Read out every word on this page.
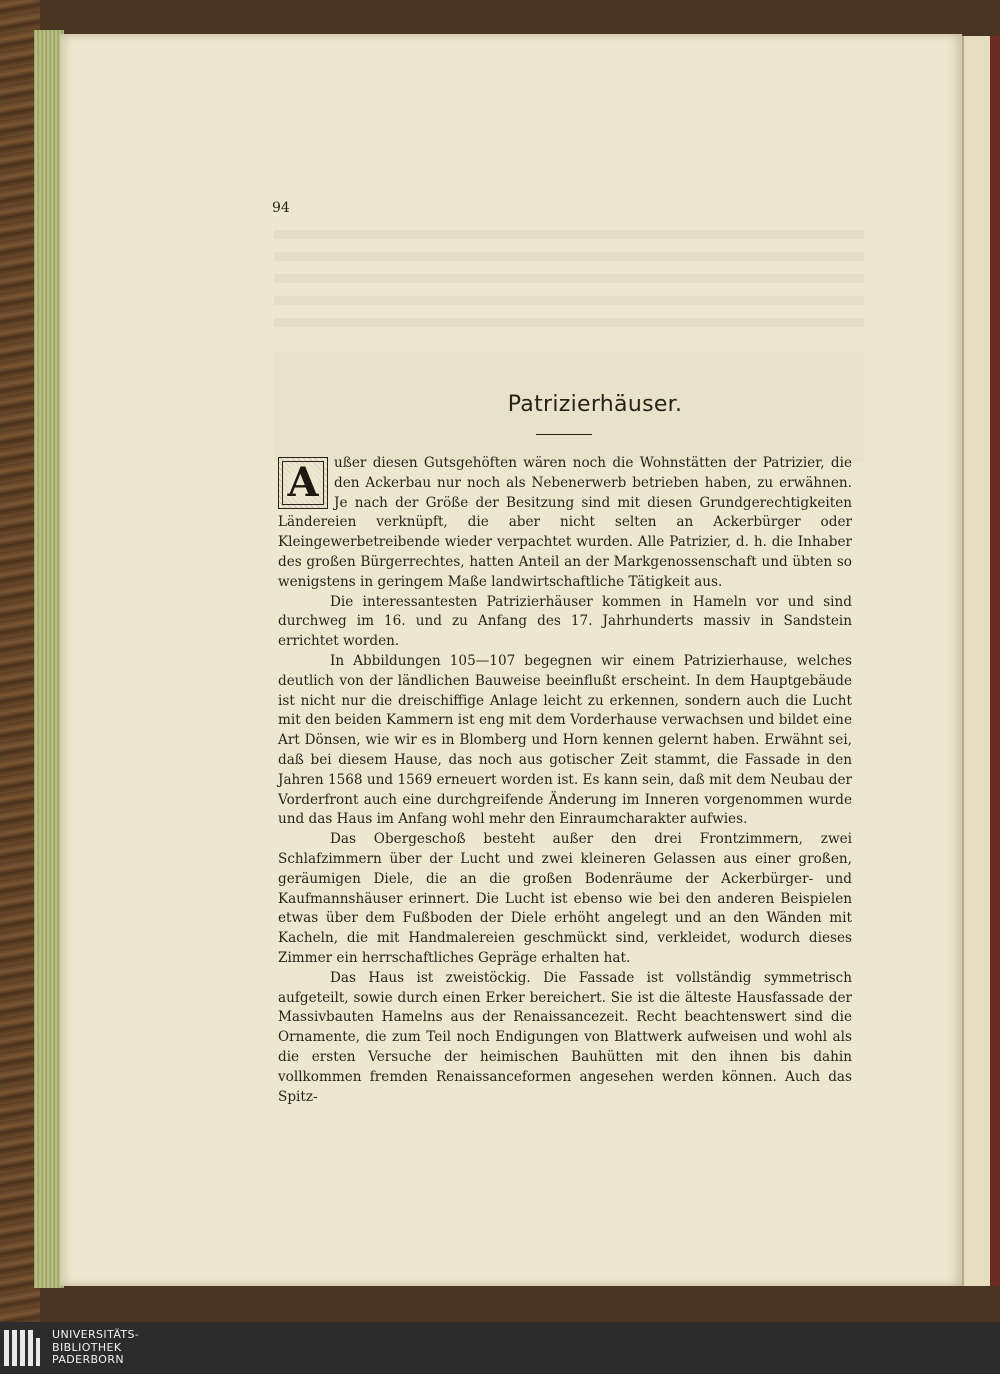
94
Patrizierhäuser.

A ußer diesen Gutsgehöften wären noch die Wohnstätten der Patrizier, die den Ackerbau nur noch als Nebenerwerb betrieben haben, zu erwähnen. Je nach der Größe der Besitzung sind mit diesen Grundgerechtigkeiten Ländereien verknüpft, die aber nicht selten an Ackerbürger oder Kleingewerbetreibende wieder verpachtet wurden. Alle Patrizier, d. h. die Inhaber des großen Bürgerrechtes, hatten Anteil an der Markgenossenschaft und übten so wenigstens in geringem Maße landwirtschaftliche Tätigkeit aus.

Die interessantesten Patrizierhäuser kommen in Hameln vor und sind durchweg im 16. und zu Anfang des 17. Jahrhunderts massiv in Sandstein errichtet worden.

In Abbildungen 105—107 begegnen wir einem Patrizierhause, welches deutlich von der ländlichen Bauweise beeinflußt erscheint. In dem Hauptgebäude ist nicht nur die dreischiffige Anlage leicht zu erkennen, sondern auch die Lucht mit den beiden Kammern ist eng mit dem Vorderhause verwachsen und bildet eine Art Dönsen, wie wir es in Blomberg und Horn kennen gelernt haben. Erwähnt sei, daß bei diesem Hause, das noch aus gotischer Zeit stammt, die Fassade in den Jahren 1568 und 1569 erneuert worden ist. Es kann sein, daß mit dem Neubau der Vorderfront auch eine durchgreifende Änderung im Inneren vorgenommen wurde und das Haus im Anfang wohl mehr den Einraumcharakter aufwies.

Das Obergeschoß besteht außer den drei Frontzimmern, zwei Schlafzimmern über der Lucht und zwei kleineren Gelassen aus einer großen, geräumigen Diele, die an die großen Bodenräume der Ackerbürger- und Kaufmannshäuser erinnert. Die Lucht ist ebenso wie bei den anderen Beispielen etwas über dem Fußboden der Diele erhöht angelegt und an den Wänden mit Kacheln, die mit Handmalereien geschmückt sind, verkleidet, wodurch dieses Zimmer ein herrschaftliches Gepräge erhalten hat.

Das Haus ist zweistöckig. Die Fassade ist vollständig symmetrisch aufgeteilt, sowie durch einen Erker bereichert. Sie ist die älteste Hausfassade der Massivbauten Hamelns aus der Renaissancezeit. Recht beachtenswert sind die Ornamente, die zum Teil noch Endigungen von Blattwerk aufweisen und wohl als die ersten Versuche der heimischen Bauhütten mit den ihnen bis dahin vollkommen fremden Renaissanceformen angesehen werden können. Auch das Spitz-

UNIVERSITÄTS-
BIBLIOTHEK
PADERBORN
